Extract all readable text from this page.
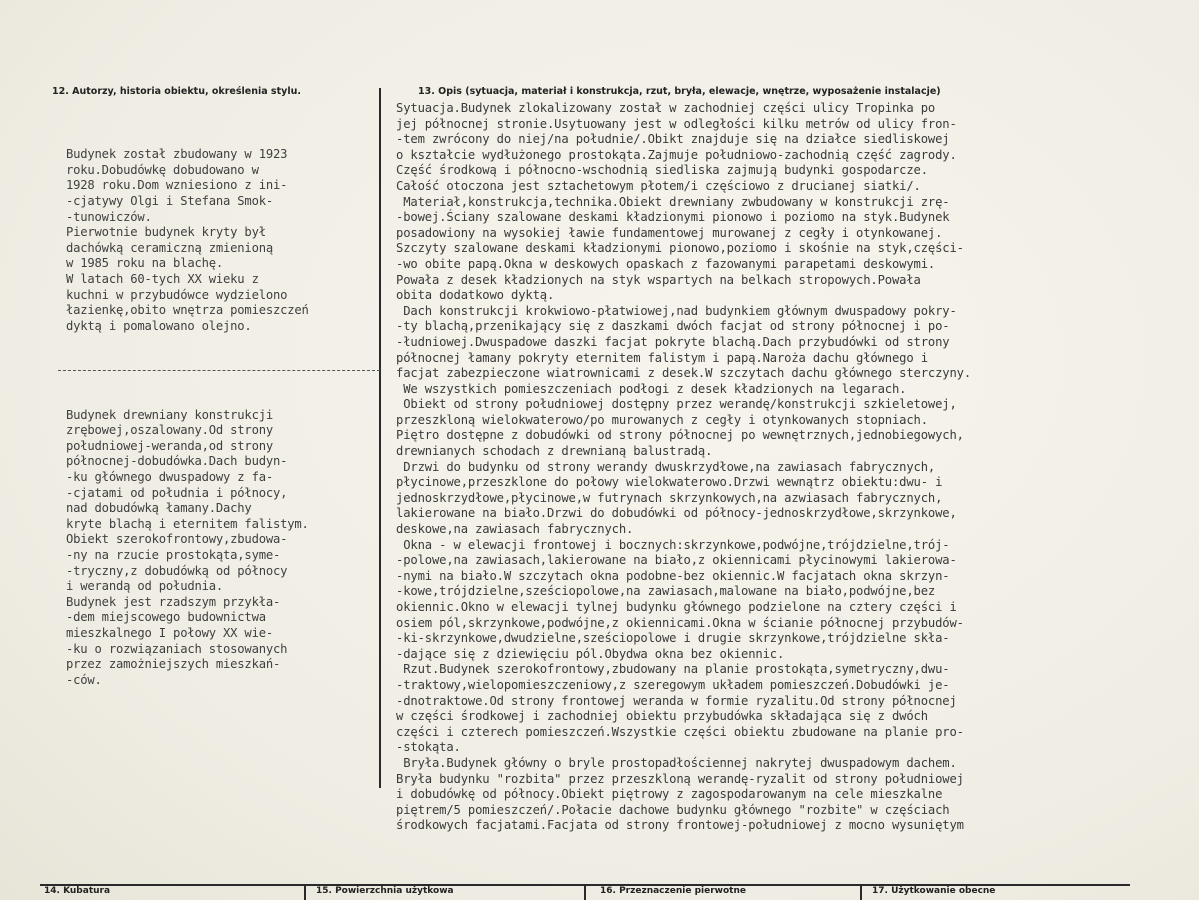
12. Autorzy, historia obiektu, określenia stylu.	13. Opis (sytuacja, materiał i konstrukcja, rzut, bryła, elewacje, wnętrze, wyposażenie instalacje)

Budynek został zbudowany w 1923
roku.Dobudówkę dobudowano w
1928 roku.Dom wzniesiono z ini-
-cjatywy Olgi i Stefana Smok-
-tunowiczów.
Pierwotnie budynek kryty był
dachówką ceramiczną zmienioną
w 1985 roku na blachę.
W latach 60-tych XX wieku z
kuchni w przybudówce wydzielono
łazienkę,obito wnętrza pomieszczeń
dyktą i pomalowano olejno.

Budynek drewniany konstrukcji
zrębowej,oszalowany.Od strony
południowej-weranda,od strony
północnej-dobudówka.Dach budyn-
-ku głównego dwuspadowy z fa-
-cjatami od południa i północy,
nad dobudówką łamany.Dachy
kryte blachą i eternitem falistym.
Obiekt szerokofrontowy,zbudowa-
-ny na rzucie prostokąta,syme-
-tryczny,z dobudówką od północy
i werandą od południa.
Budynek jest rzadszym przykła-
-dem miejscowego budownictwa
mieszkalnego I połowy XX wie-
-ku o rozwiązaniach stosowanych
przez zamożniejszych mieszkań-
-ców.

Sytuacja.Budynek zlokalizowany został w zachodniej części ulicy Tropinka po
jej północnej stronie.Usytuowany jest w odległości kilku metrów od ulicy fron-
-tem zwrócony do niej/na południe/.Obikt znajduje się na działce siedliskowej
o kształcie wydłużonego prostokąta.Zajmuje południowo-zachodnią część zagrody.
Część środkową i północno-wschodnią siedliska zajmują budynki gospodarcze.
Całość otoczona jest sztachetowym płotem/i częściowo z drucianej siatki/.
Materiał,konstrukcja,technika.Obiekt drewniany zwbudowany w konstrukcji zrę-
-bowej.Ściany szalowane deskami kładzionymi pionowo i poziomo na styk.Budynek
posadowiony na wysokiej ławie fundamentowej murowanej z cegły i otynkowanej.
Szczyty szalowane deskami kładzionymi pionowo,poziomo i skośnie na styk,części-
-wo obite papą.Okna w deskowych opaskach z fazowanymi parapetami deskowymi.
Powała z desek kładzionych na styk wspartych na belkach stropowych.Powała
obita dodatkowo dyktą.
Dach konstrukcji krokwiowo-płatwiowej,nad budynkiem głównym dwuspadowy pokry-
-ty blachą,przenikający się z daszkami dwóch facjat od strony północnej i po-
-łudniowej.Dwuspadowe daszki facjat pokryte blachą.Dach przybudówki od strony
północnej łamany pokryty eternitem falistym i papą.Naroża dachu głównego i
facjat zabezpieczone wiatrownicami z desek.W szczytach dachu głównego sterczyny.
We wszystkich pomieszczeniach podłogi z desek kładzionych na legarach.
Obiekt od strony południowej dostępny przez werandę/konstrukcji szkieletowej,
przeszkloną wielokwaterowo/po murowanych z cegły i otynkowanych stopniach.
Piętro dostępne z dobudówki od strony północnej po wewnętrznych,jednobiegowych,
drewnianych schodach z drewnianą balustradą.
Drzwi do budynku od strony werandy dwuskrzydłowe,na zawiasach fabrycznych,
płycinowe,przeszklone do połowy wielokwaterowo.Drzwi wewnątrz obiektu:dwu- i
jednoskrzydłowe,płycinowe,w futrynach skrzynkowych,na azwiasach fabrycznych,
lakierowane na biało.Drzwi do dobudówki od północy-jednoskrzydłowe,skrzynkowe,
deskowe,na zawiasach fabrycznych.
Okna - w elewacji frontowej i bocznych:skrzynkowe,podwójne,trójdzielne,trój-
-polowe,na zawiasach,lakierowane na biało,z okiennicami płycinowymi lakierowa-
-nymi na biało.W szczytach okna podobne-bez okiennic.W facjatach okna skrzyn-
-kowe,trójdzielne,sześciopolowe,na zawiasach,malowane na biało,podwójne,bez
okiennic.Okno w elewacji tylnej budynku głównego podzielone na cztery części i
osiem pól,skrzynkowe,podwójne,z okiennicami.Okna w ścianie północnej przybudów-
-ki-skrzynkowe,dwudzielne,sześciopolowe i drugie skrzynkowe,trójdzielne skła-
-dające się z dziewięciu pól.Obydwa okna bez okiennic.
Rzut.Budynek szerokofrontowy,zbudowany na planie prostokąta,symetryczny,dwu-
-traktowy,wielopomieszczeniowy,z szeregowym układem pomieszczeń.Dobudówki je-
-dnotraktowe.Od strony frontowej weranda w formie ryzalitu.Od strony północnej
w części środkowej i zachodniej obiektu przybudówka składająca się z dwóch
części i czterech pomieszczeń.Wszystkie części obiektu zbudowane na planie pro-
-stokąta.
Bryła.Budynek główny o bryle prostopadłościennej nakrytej dwuspadowym dachem.
Bryła budynku "rozbita" przez przeszkloną werandę-ryzalit od strony południowej
i dobudówkę od północy.Obiekt piętrowy z zagospodarowanym na cele mieszkalne
piętrem/5 pomieszczeń/.Połacie dachowe budynku głównego "rozbite" w częściach
środkowych facjatami.Facjata od strony frontowej-południowej z mocno wysuniętym
14. Kubatura	15. Powierzchnia użytkowa	16. Przeznaczenie pierwotne	17. Użytkowanie obecne
